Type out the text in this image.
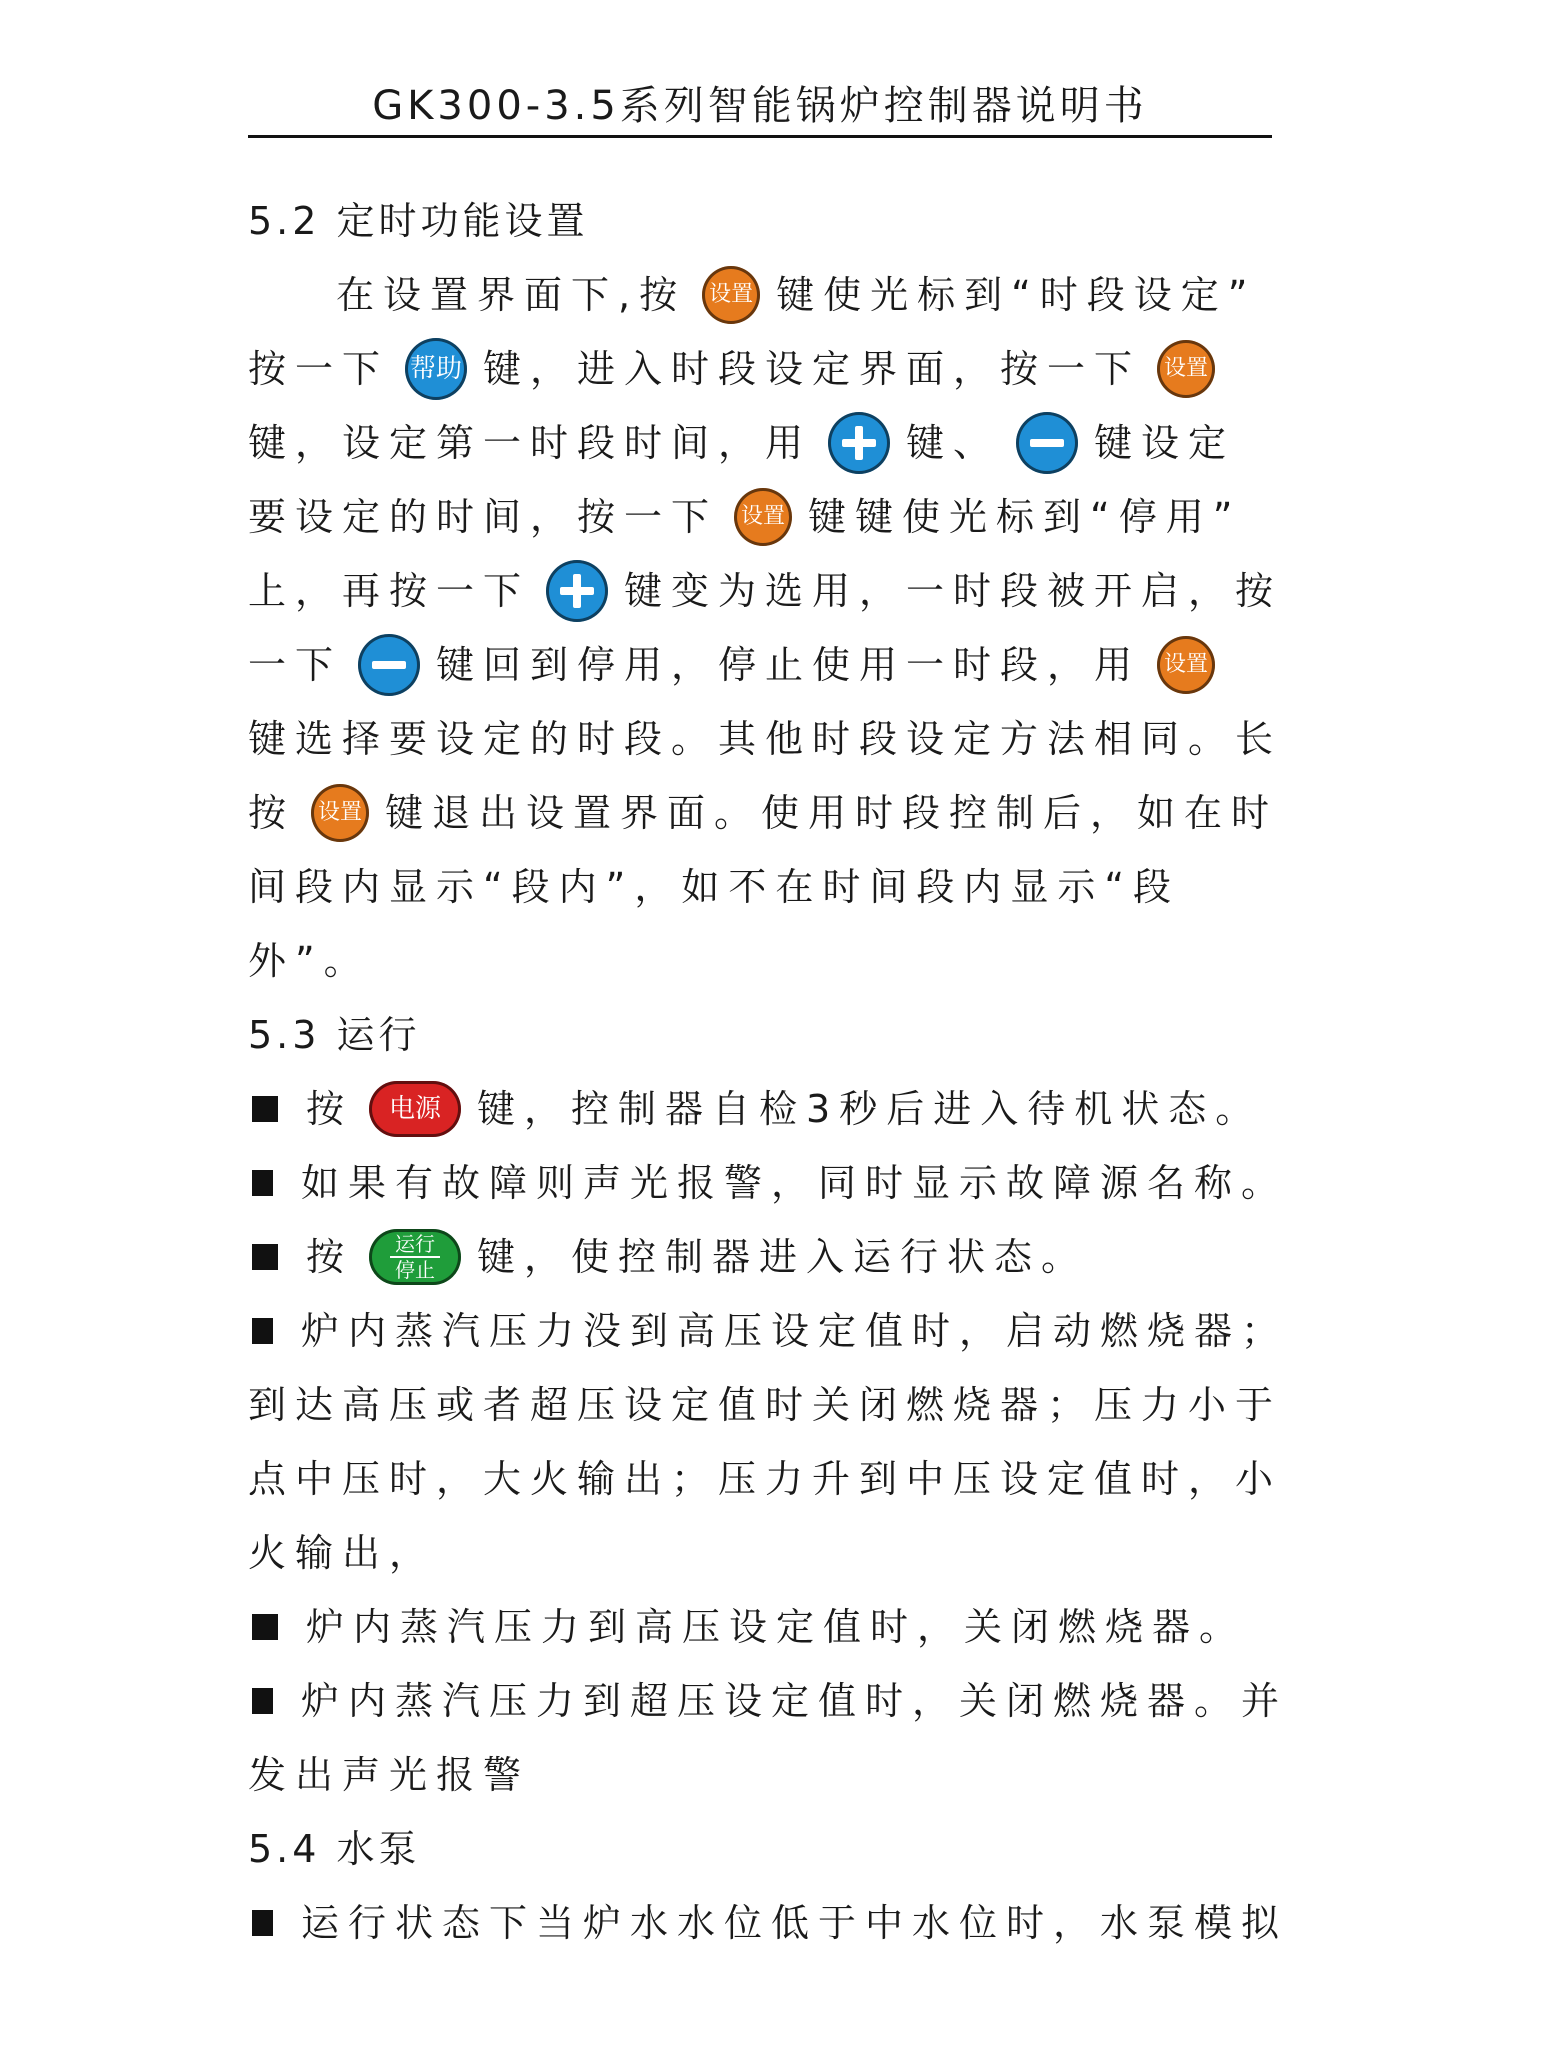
GK300-3.5系列智能锅炉控制器说明书
5.2 定时功能设置
在设置界面下,按	设置 键使光标到“时段设定”
按一下 帮助 键，进入时段设定界面，按一下	设置
键，设定第一时段时间，用 键、 键设定
要设定的时间，按一下	设置 键键使光标到“停用”
上，再按一下 键变为选用，一时段被开启，按
一下 键回到停用，停止使用一时段，用	设置
键选择要设定的时段。其他时段设定方法相同。长
按	设置 键退出设置界面。使用时段控制后，如在时
间段内显示“段内”，如不在时间段内显示“段
外”。
5.3 运行
按	电源 键，控制器自检3秒后进入待机状态。
如果有故障则声光报警，同时显示故障源名称。
按 运行
停止 键，使控制器进入运行状态。
炉内蒸汽压力没到高压设定值时，启动燃烧器；
到达高压或者超压设定值时关闭燃烧器；压力小于
点中压时，大火输出；压力升到中压设定值时，小
火输出，
炉内蒸汽压力到高压设定值时，关闭燃烧器。
炉内蒸汽压力到超压设定值时，关闭燃烧器。并
发出声光报警
5.4 水泵
运行状态下当炉水水位低于中水位时，水泵模拟
